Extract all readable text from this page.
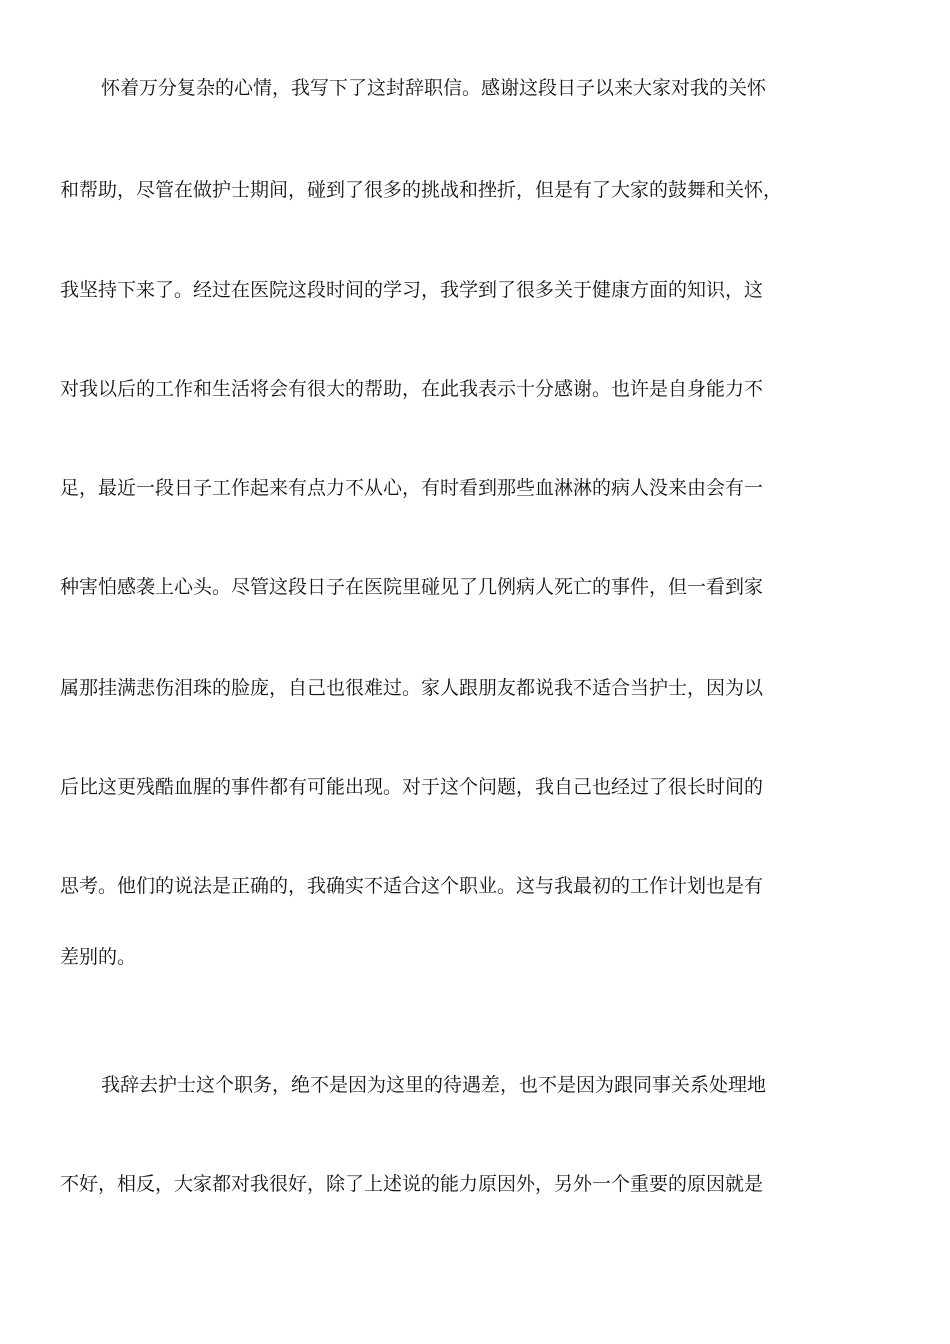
怀着万分复杂的心情，我写下了这封辞职信。感谢这段日子以来大家对我的关怀
和帮助，尽管在做护士期间，碰到了很多的挑战和挫折，但是有了大家的鼓舞和关怀，
我坚持下来了。经过在医院这段时间的学习，我学到了很多关于健康方面的知识，这
对我以后的工作和生活将会有很大的帮助，在此我表示十分感谢。也许是自身能力不
足，最近一段日子工作起来有点力不从心，有时看到那些血淋淋的病人没来由会有一
种害怕感袭上心头。尽管这段日子在医院里碰见了几例病人死亡的事件，但一看到家
属那挂满悲伤泪珠的脸庞，自己也很难过。家人跟朋友都说我不适合当护士，因为以
后比这更残酷血腥的事件都有可能出现。对于这个问题，我自己也经过了很长时间的
思考。他们的说法是正确的，我确实不适合这个职业。这与我最初的工作计划也是有
差别的。
我辞去护士这个职务，绝不是因为这里的待遇差，也不是因为跟同事关系处理地
不好，相反，大家都对我很好，除了上述说的能力原因外，另外一个重要的原因就是
